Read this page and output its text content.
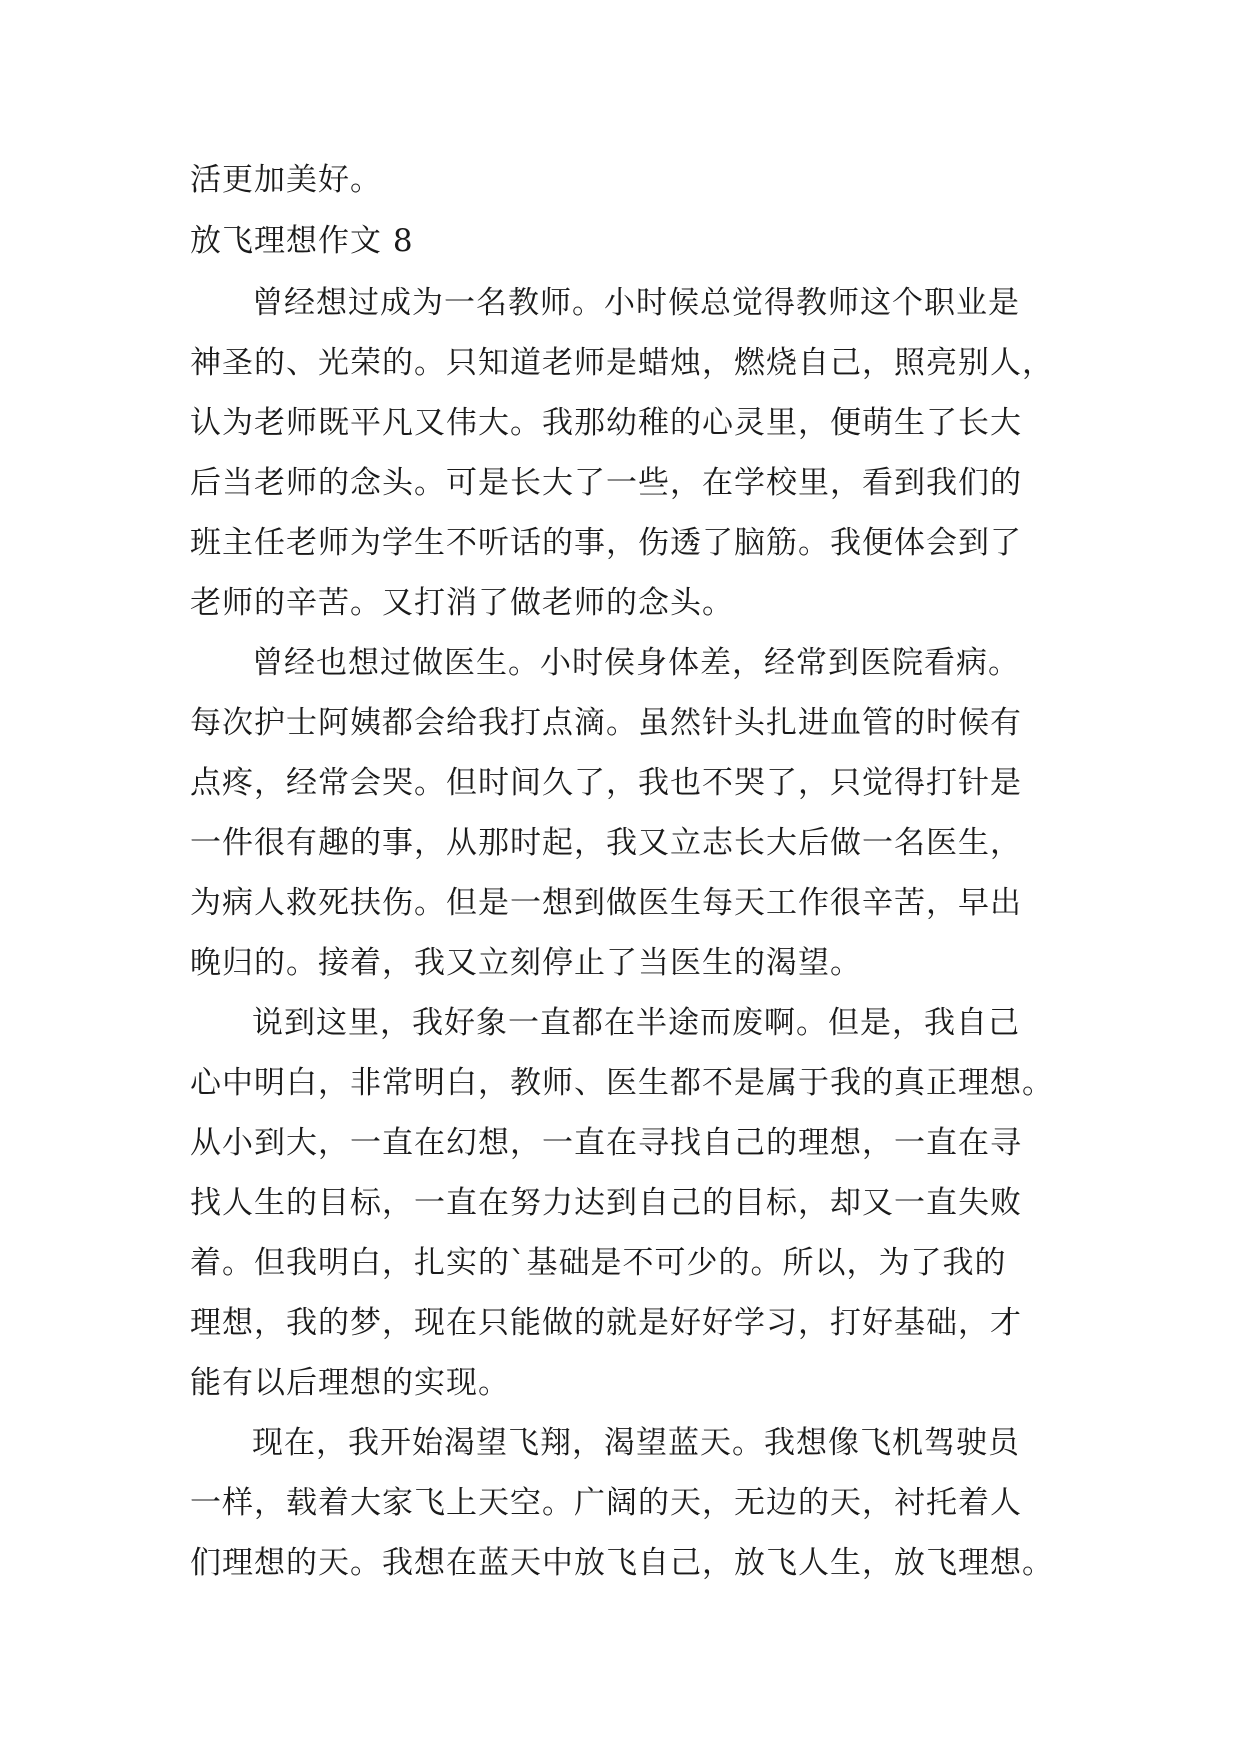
活更加美好。
放飞理想作文 8
曾经想过成为一名教师。小时候总觉得教师这个职业是
神圣的、光荣的。只知道老师是蜡烛，燃烧自己，照亮别人，
认为老师既平凡又伟大。我那幼稚的心灵里，便萌生了长大
后当老师的念头。可是长大了一些，在学校里，看到我们的
班主任老师为学生不听话的事，伤透了脑筋。我便体会到了
老师的辛苦。又打消了做老师的念头。
曾经也想过做医生。小时侯身体差，经常到医院看病。
每次护士阿姨都会给我打点滴。虽然针头扎进血管的时候有
点疼，经常会哭。但时间久了，我也不哭了，只觉得打针是
一件很有趣的事，从那时起，我又立志长大后做一名医生，
为病人救死扶伤。但是一想到做医生每天工作很辛苦，早出
晚归的。接着，我又立刻停止了当医生的渴望。
说到这里，我好象一直都在半途而废啊。但是，我自己
心中明白，非常明白，教师、医生都不是属于我的真正理想。
从小到大，一直在幻想，一直在寻找自己的理想，一直在寻
找人生的目标，一直在努力达到自己的目标，却又一直失败
着。但我明白，扎实的`基础是不可少的。所以，为了我的
理想，我的梦，现在只能做的就是好好学习，打好基础，才
能有以后理想的实现。
现在，我开始渴望飞翔，渴望蓝天。我想像飞机驾驶员
一样，载着大家飞上天空。广阔的天，无边的天，衬托着人
们理想的天。我想在蓝天中放飞自己，放飞人生，放飞理想。
